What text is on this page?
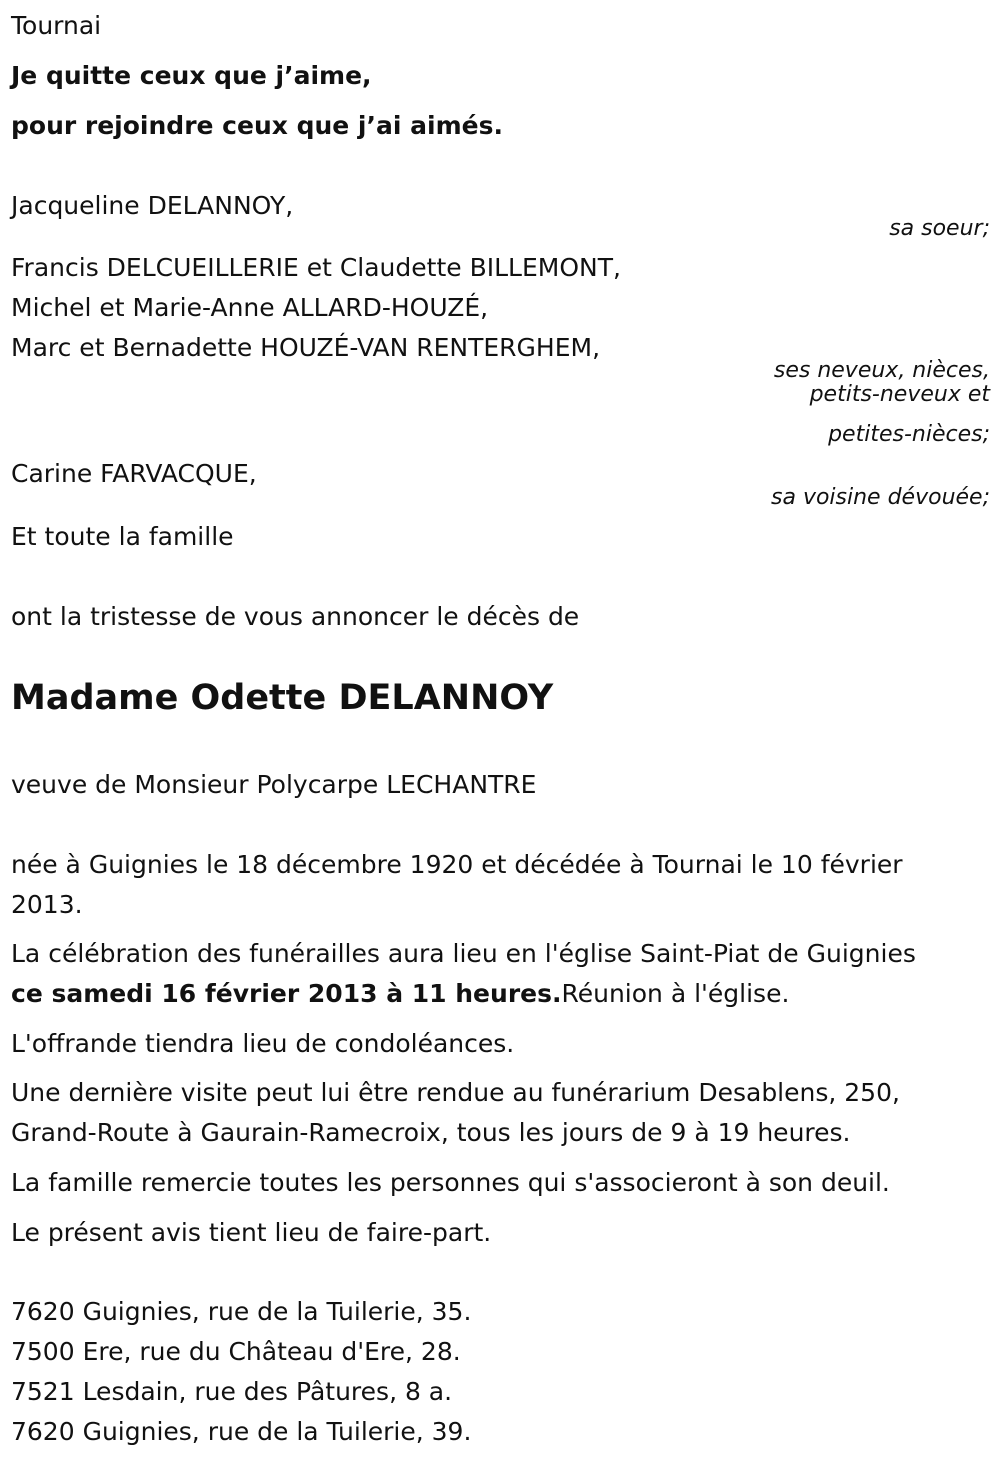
Tournai

Je quitte ceux que j’aime,

pour rejoindre ceux que j’ai aimés.

Jacqueline DELANNOY,

sa soeur;

Francis DELCUEILLERIE et Claudette BILLEMONT,

Michel et Marie-Anne ALLARD-HOUZÉ,

Marc et Bernadette HOUZÉ-VAN RENTERGHEM,

ses neveux, nièces,

petits-neveux et

petites-nièces;

Carine FARVACQUE,

sa voisine dévouée;

Et toute la famille

ont la tristesse de vous annoncer le décès de

Madame Odette DELANNOY

veuve de Monsieur Polycarpe LECHANTRE

née à Guignies le 18 décembre 1920 et décédée à Tournai le 10 février 2013.

La célébration des funérailles aura lieu en l'église Saint-Piat de Guignies

ce samedi 16 février 2013 à 11 heures.Réunion à l'église.

L'offrande tiendra lieu de condoléances.

Une dernière visite peut lui être rendue au funérarium Desablens, 250, Grand-Route à Gaurain-Ramecroix, tous les jours de 9 à 19 heures.

La famille remercie toutes les personnes qui s'associeront à son deuil.

Le présent avis tient lieu de faire-part.

7620 Guignies, rue de la Tuilerie, 35.

7500 Ere, rue du Château d'Ere, 28.

7521 Lesdain, rue des Pâtures, 8 a.

7620 Guignies, rue de la Tuilerie, 39.
